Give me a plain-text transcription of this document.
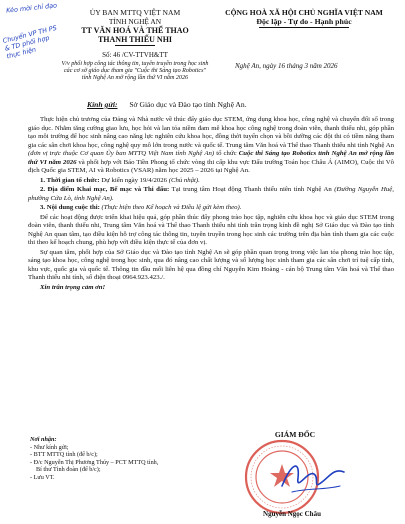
Kéo mời chỉ đạo
Chuyển VP TH PS & TD phối hợp thực hiện
ỦY BAN MTTQ VIỆT NAM
TỈNH NGHỆ AN
TT VĂN HOÁ VÀ THỂ THAO
THANH THIẾU NHI
Số: 46 /CV-TTVH&TT
V/v phối hợp công tác thông tin, tuyên truyền trong học sinh các cơ sở giáo dục tham gia "Cuộc thi Sáng tạo Robotics" tỉnh Nghệ An mở rộng lần thứ VI năm 2026
CỘNG HOÀ XÃ HỘI CHỦ NGHĨA VIỆT NAM
Độc lập - Tự do - Hạnh phúc
Nghệ An, ngày 16 tháng 3 năm 2026
Kính gửi: Sở Giáo dục và Đào tạo tỉnh Nghệ An.

Thực hiện chủ trương của Đảng và Nhà nước về thúc đẩy giáo dục STEM, ứng dụng khoa học, công nghệ và chuyển đổi số trong giáo dục. Nhằm tăng cường giao lưu, học hỏi và lan tỏa niềm đam mê khoa học công nghệ trong đoàn viên, thanh thiếu nhi, góp phần tạo môi trường để học sinh nâng cao năng lực nghiên cứu khoa học, đồng thời tuyển chọn và bồi dưỡng các đội thi có tiềm năng tham gia các sân chơi khoa học, công nghệ quy mô lớn trong nước và quốc tế. Trung tâm Văn hoá và Thể thao Thanh thiếu nhi tỉnh Nghệ An (đơn vị trực thuộc Cơ quan Ủy ban MTTQ Việt Nam tỉnh Nghệ An) tổ chức Cuộc thi Sáng tạo Robotics tỉnh Nghệ An mở rộng lần thứ VI năm 2026 và phối hợp với Báo Tiền Phong tổ chức vòng thi cấp khu vực Đấu trường Toán học Châu Á (AIMO), Cuộc thi Vô địch Quốc gia STEM, AI và Robotics (VSAR) năm học 2025 – 2026 tại Nghệ An.

1. Thời gian tổ chức: Dự kiến ngày 19/4/2026 (Chủ nhật).

2. Địa điểm Khai mạc, Bế mạc và Thi đấu: Tại trung tâm Hoạt động Thanh thiếu niên tỉnh Nghệ An (Đường Nguyễn Huệ, phường Cửa Lò, tỉnh Nghệ An).

3. Nội dung cuộc thi: (Thực hiện theo Kế hoạch và Điều lệ gửi kèm theo).

Để các hoạt động được triển khai hiệu quả, góp phần thúc đẩy phong trào học tập, nghiên cứu khoa học và giáo dục STEM trong đoàn viên, thanh thiếu nhi, Trung tâm Văn hoá và Thể thao Thanh thiếu nhi tỉnh trân trọng kính đề nghị Sở Giáo dục và Đào tạo tỉnh Nghệ An quan tâm, tạo điều kiện hỗ trợ công tác thông tin, tuyên truyền trong học sinh các trường trên địa bàn tỉnh tham gia các cuộc thi theo kế hoạch chung, phù hợp với điều kiện thực tế của đơn vị.

Sự quan tâm, phối hợp của Sở Giáo dục và Đào tạo tỉnh Nghệ An sẽ góp phần quan trọng trong việc lan tỏa phong trào học tập, sáng tạo khoa học, công nghệ trong học sinh, qua đó nâng cao chất lượng và số lượng học sinh tham gia các sân chơi trí tuệ cấp tỉnh, khu vực, quốc gia và quốc tế. Thông tin đầu mối liên hệ qua đồng chí Nguyễn Kim Hoàng - cán bộ Trung tâm Văn hoá và Thể thao Thanh thiếu nhi tỉnh, số điện thoại 0964.923.423./.

Xin trân trọng cảm ơn!

Nơi nhận:
- Như kính gửi;
- BTT MTTQ tỉnh (để b/c);
- Đ/c Nguyễn Thị Phương Thúy – PCT MTTQ tỉnh,
Bí thư Tỉnh đoàn (để b/c);
- Lưu VT.
GIÁM ĐỐC
Nguyễn Ngọc Châu
